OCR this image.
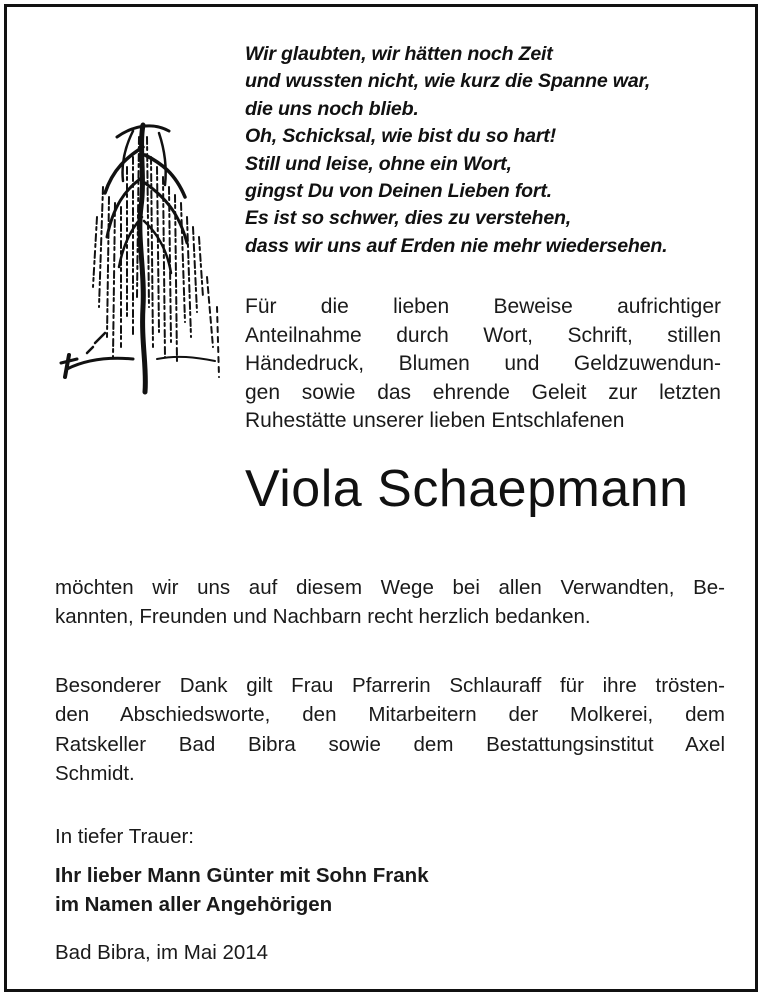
Wir glaubten, wir hätten noch Zeit
und wussten nicht, wie kurz die Spanne war,
die uns noch blieb.
Oh, Schicksal, wie bist du so hart!
Still und leise, ohne ein Wort,
gingst Du von Deinen Lieben fort.
Es ist so schwer, dies zu verstehen,
dass wir uns auf Erden nie mehr wiedersehen.
Für die lieben Beweise aufrichtiger
Anteilnahme durch Wort, Schrift, stillen
Händedruck, Blumen und Geldzuwendun-
gen sowie das ehrende Geleit zur letzten
Ruhestätte unserer lieben Entschlafenen
Viola Schaepmann
möchten wir uns auf diesem Wege bei allen Verwandten, Be-
kannten, Freunden und Nachbarn recht herzlich bedanken.
Besonderer Dank gilt Frau Pfarrerin Schlauraff für ihre trösten-
den Abschiedsworte, den Mitarbeitern der Molkerei, dem
Ratskeller Bad Bibra sowie dem Bestattungsinstitut Axel
Schmidt.
In tiefer Trauer:
Ihr lieber Mann Günter mit Sohn Frank
im Namen aller Angehörigen
Bad Bibra, im Mai 2014
